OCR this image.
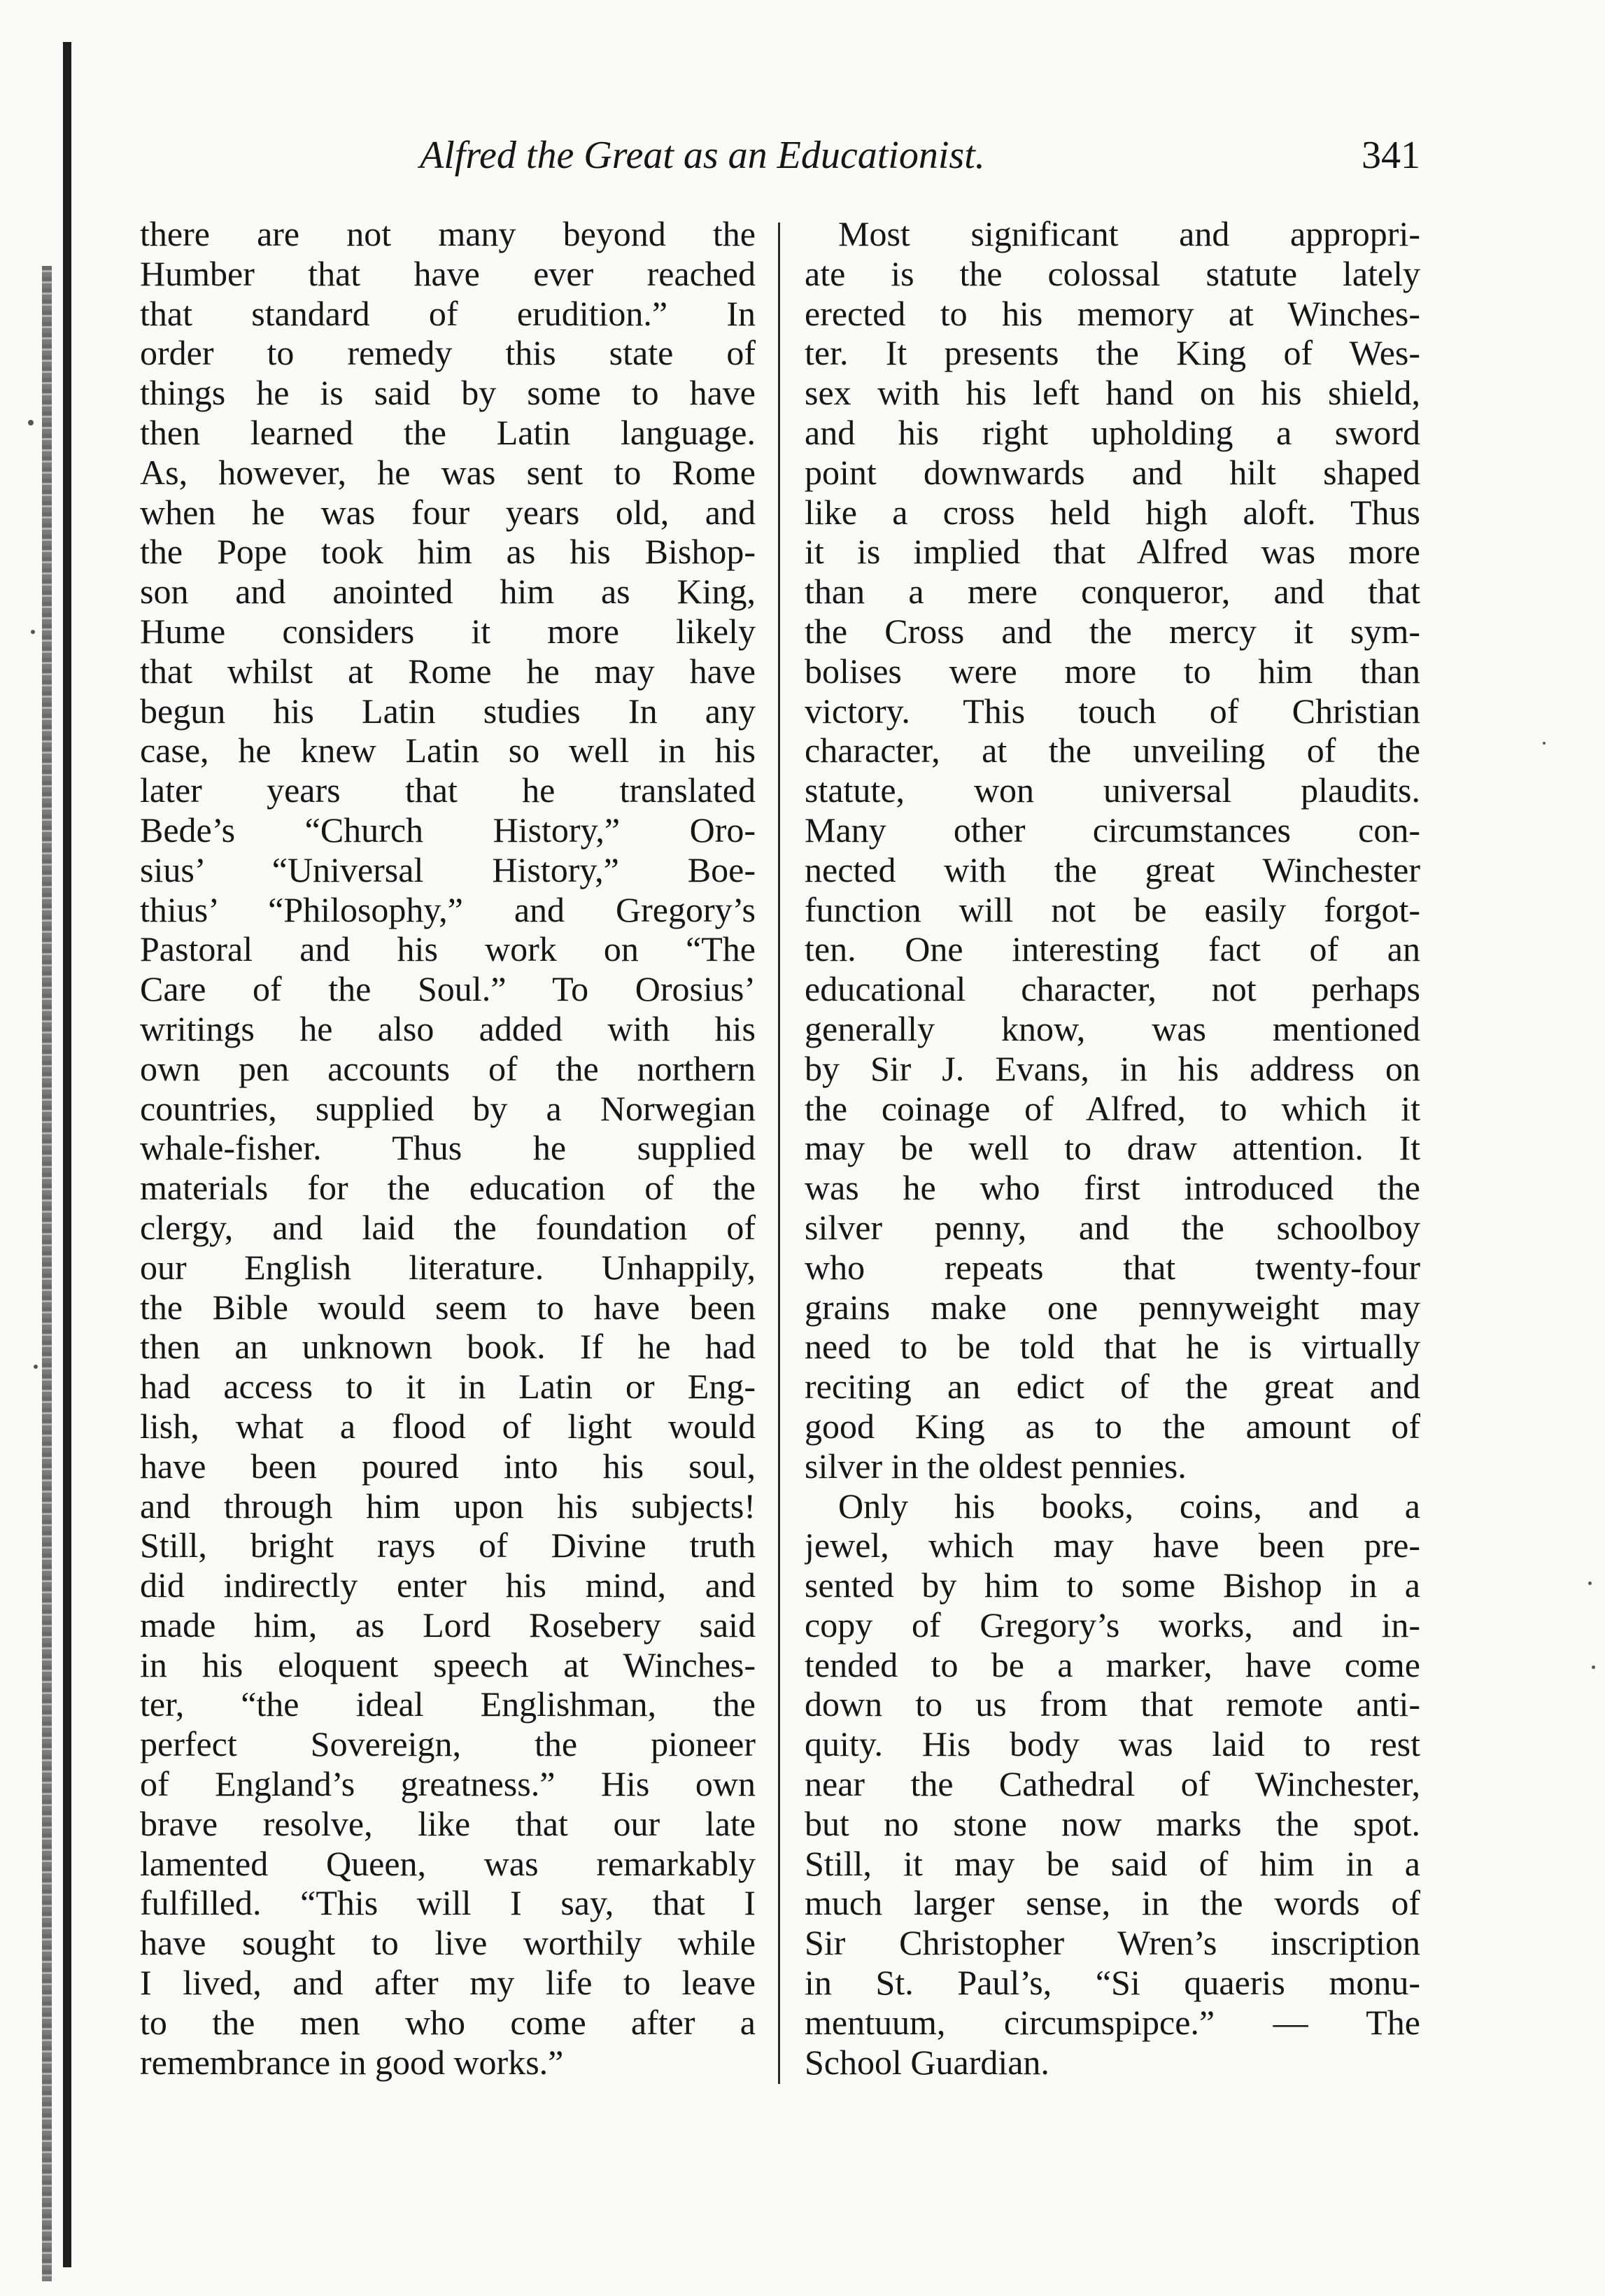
Alfred the Great as an Educationist.	341
there are not many beyond the
Humber that have ever reached
that standard of erudition.” In
order to remedy this state of
things he is said by some to have
then learned the Latin language.
As, however, he was sent to Rome
when he was four years old, and
the Pope took him as his Bishop-
son and anointed him as King,
Hume considers it more likely
that whilst at Rome he may have
begun his Latin studies In any
case, he knew Latin so well in his
later years that he translated
Bede’s “Church History,” Oro-
sius’ “Universal History,” Boe-
thius’ “Philosophy,” and Gregory’s
Pastoral and his work on “The
Care of the Soul.” To Orosius’
writings he also added with his
own pen accounts of the northern
countries, supplied by a Norwegian
whale-fisher. Thus he supplied
materials for the education of the
clergy, and laid the foundation of
our English literature. Unhappily,
the Bible would seem to have been
then an unknown book. If he had
had access to it in Latin or Eng-
lish, what a flood of light would
have been poured into his soul,
and through him upon his subjects!
Still, bright rays of Divine truth
did indirectly enter his mind, and
made him, as Lord Rosebery said
in his eloquent speech at Winches-
ter, “the ideal Englishman, the
perfect Sovereign, the pioneer
of England’s greatness.” His own
brave resolve, like that our late
lamented Queen, was remarkably
fulfilled. “This will I say, that I
have sought to live worthily while
I lived, and after my life to leave
to the men who come after a
remembrance in good works.”
Most significant and appropri-
ate is the colossal statute lately
erected to his memory at Winches-
ter. It presents the King of Wes-
sex with his left hand on his shield,
and his right upholding a sword
point downwards and hilt shaped
like a cross held high aloft. Thus
it is implied that Alfred was more
than a mere conqueror, and that
the Cross and the mercy it sym-
bolises were more to him than
victory. This touch of Christian
character, at the unveiling of the
statute, won universal plaudits.
Many other circumstances con-
nected with the great Winchester
function will not be easily forgot-
ten. One interesting fact of an
educational character, not perhaps
generally know, was mentioned
by Sir J. Evans, in his address on
the coinage of Alfred, to which it
may be well to draw attention. It
was he who first introduced the
silver penny, and the schoolboy
who repeats that twenty-four
grains make one pennyweight may
need to be told that he is virtually
reciting an edict of the great and
good King as to the amount of
silver in the oldest pennies.
Only his books, coins, and a
jewel, which may have been pre-
sented by him to some Bishop in a
copy of Gregory’s works, and in-
tended to be a marker, have come
down to us from that remote anti-
quity. His body was laid to rest
near the Cathedral of Winchester,
but no stone now marks the spot.
Still, it may be said of him in a
much larger sense, in the words of
Sir Christopher Wren’s inscription
in St. Paul’s, “Si quaeris monu-
mentuum, circumspipce.” — The
School Guardian.
